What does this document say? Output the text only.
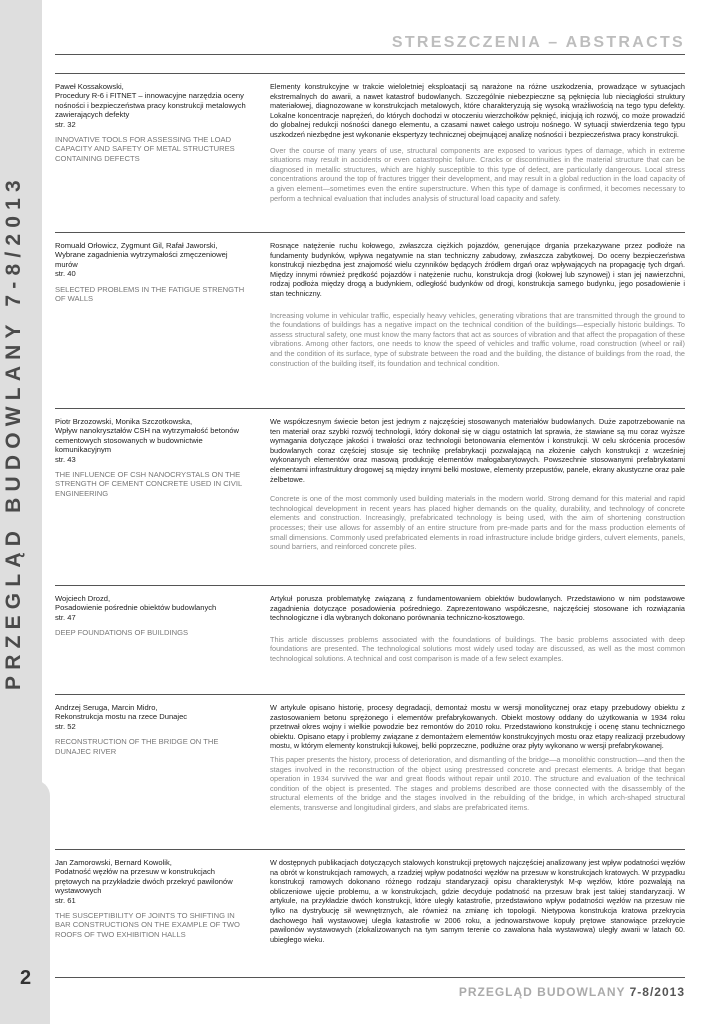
PRZEGLĄD BUDOWLANY 7-8/2013
2
STRESZCZENIA – ABSTRACTS
Paweł Kossakowski,
Procedury R-6 i FITNET – innowacyjne narzędzia oceny nośności i bezpieczeństwa pracy konstrukcji metalowych zawierających defekty
str. 32
INNOVATIVE TOOLS FOR ASSESSING THE LOAD CAPACITY AND SAFETY OF METAL STRUCTURES CONTAINING DEFECTS
Elementy konstrukcyjne w trakcie wieloletniej eksploatacji są narażone na różne uszkodzenia, prowadzące w sytuacjach ekstremalnych do awarii, a nawet katastrof budowlanych. Szczególnie niebezpieczne są pęknięcia lub nieciągłości struktury materiałowej, diagnozowane w konstrukcjach metalowych, które charakteryzują się wysoką wrażliwością na tego typu defekty. Lokalne koncentracje naprężeń, do których dochodzi w otoczeniu wierzchołków pęknięć, inicjują ich rozwój, co może prowadzić do globalnej redukcji nośności danego elementu, a czasami nawet całego ustroju nośnego. W sytuacji stwierdzenia tego typu uszkodzeń niezbędne jest wykonanie ekspertyzy technicznej obejmującej analizę nośności i bezpieczeństwa pracy konstrukcji.
Over the course of many years of use, structural components are exposed to various types of damage, which in extreme situations may result in accidents or even catastrophic failure. Cracks or discontinuities in the material structure that can be diagnosed in metallic structures, which are highly susceptible to this type of defect, are particularly dangerous. Local stress concentrations around the top of fractures trigger their development, and may result in a global reduction in the load capacity of a given element—sometimes even the entire superstructure. When this type of damage is confirmed, it becomes necessary to perform a technical evaluation that includes analysis of structural load capacity and safety.
Romuald Orłowicz, Zygmunt Gil, Rafał Jaworski,
Wybrane zagadnienia wytrzymałości zmęczeniowej murów
str. 40
SELECTED PROBLEMS IN THE FATIGUE STRENGTH OF WALLS
Rosnące natężenie ruchu kołowego, zwłaszcza ciężkich pojazdów, generujące drgania przekazywane przez podłoże na fundamenty budynków, wpływa negatywnie na stan techniczny zabudowy, zwłaszcza zabytkowej. Do oceny bezpieczeństwa konstrukcji niezbędna jest znajomość wielu czynników będących źródłem drgań oraz wpływających na propagację tych drgań. Między innymi również prędkość pojazdów i natężenie ruchu, konstrukcja drogi (kołowej lub szynowej) i stan jej nawierzchni, rodzaj podłoża między drogą a budynkiem, odległość budynków od drogi, konstrukcja samego budynku, jego posadowienie i stan techniczny.
Increasing volume in vehicular traffic, especially heavy vehicles, generating vibrations that are transmitted through the ground to the foundations of buildings has a negative impact on the technical condition of the buildings—especially historic buildings. To assess structural safety, one must know the many factors that act as sources of vibration and that affect the propagation of these vibrations. Among other factors, one needs to know the speed of vehicles and traffic volume, road construction (wheel or rail) and the condition of its surface, type of substrate between the road and the building, the distance of buildings from the road, the construction of the building itself, its foundation and technical condition.
Piotr Brzozowski, Monika Szczotkowska,
Wpływ nanokryształów CSH na wytrzymałość betonów cementowych stosowanych w budownictwie komunikacyjnym
str. 43
THE INFLUENCE OF CSH NANOCRYSTALS ON THE STRENGTH OF CEMENT CONCRETE USED IN CIVIL ENGINEERING
We współczesnym świecie beton jest jednym z najczęściej stosowanych materiałów budowlanych. Duże zapotrzebowanie na ten materiał oraz szybki rozwój technologii, który dokonał się w ciągu ostatnich lat sprawia, że stawiane są mu coraz wyższe wymagania dotyczące jakości i trwałości oraz technologii betonowania elementów i konstrukcji. W celu skrócenia procesów budowlanych coraz częściej stosuje się technikę prefabrykacji pozwalającą na złożenie całych konstrukcji z wcześniej wykonanych elementów oraz masową produkcję elementów małogabarytowych. Powszechnie stosowanymi prefabrykatami elementami infrastruktury drogowej są między innymi belki mostowe, elementy przepustów, panele, ekrany akustyczne oraz pale żelbetowe.
Concrete is one of the most commonly used building materials in the modern world. Strong demand for this material and rapid technological development in recent years has placed higher demands on the quality, durability, and technology of concrete elements and construction. Increasingly, prefabricated technology is being used, with the aim of shortening construction processes; their use allows for assembly of an entire structure from pre-made parts and for the mass production elements of small dimensions. Commonly used prefabricated elements in road infrastructure include bridge girders, culvert elements, panels, sound barriers, and reinforced concrete piles.
Wojciech Drozd,
Posadowienie pośrednie obiektów budowlanych
str. 47
DEEP FOUNDATIONS OF BUILDINGS
Artykuł porusza problematykę związaną z fundamentowaniem obiektów budowlanych. Przedstawiono w nim podstawowe zagadnienia dotyczące posadowienia pośredniego. Zaprezentowano współczesne, najczęściej stosowane ich rozwiązania technologiczne i dla wybranych dokonano porównania techniczno-kosztowego.
This article discusses problems associated with the foundations of buildings. The basic problems associated with deep foundations are presented. The technological solutions most widely used today are discussed, as well as the most common technological solutions. A technical and cost comparison is made of a few select examples.
Andrzej Seruga, Marcin Midro,
Rekonstrukcja mostu na rzece Dunajec
str. 52
RECONSTRUCTION OF THE BRIDGE ON THE DUNAJEC RIVER
W artykule opisano historię, procesy degradacji, demontaż mostu w wersji monolitycznej oraz etapy przebudowy obiektu z zastosowaniem betonu sprężonego i elementów prefabrykowanych. Obiekt mostowy oddany do użytkowania w 1934 roku przetrwał okres wojny i wielkie powodzie bez remontów do 2010 roku. Przedstawiono konstrukcję i ocenę stanu technicznego obiektu. Opisano etapy i problemy związane z demontażem elementów konstrukcyjnych mostu oraz etapy realizacji przebudowy mostu, w którym elementy konstrukcji łukowej, belki poprzeczne, podłużne oraz płyty wykonano w wersji prefabrykowanej.
This paper presents the history, process of deterioration, and dismantling of the bridge—a monolithic construction—and then the stages involved in the reconstruction of the object using prestressed concrete and precast elements. A bridge that began operation in 1934 survived the war and great floods without repair until 2010. The structure and evaluation of the technical condition of the object is presented. The stages and problems described are those connected with the disassembly of the structural elements of the bridge and the stages involved in the rebuilding of the bridge, in which arch-shaped structural elements, transverse and longitudinal girders, and slabs are prefabricated items.
Jan Zamorowski, Bernard Kowolik,
Podatność węzłów na przesuw w konstrukcjach prętowych na przykładzie dwóch przekryć pawilonów wystawowych
str. 61
THE SUSCEPTIBILITY OF JOINTS TO SHIFTING IN BAR CONSTRUCTIONS ON THE EXAMPLE OF TWO ROOFS OF TWO EXHIBITION HALLS
W dostępnych publikacjach dotyczących stalowych konstrukcji prętowych najczęściej analizowany jest wpływ podatności węzłów na obrót w konstrukcjach ramowych, a rzadziej wpływ podatności węzłów na przesuw w konstrukcjach kratowych. W przypadku konstrukcji ramowych dokonano różnego rodzaju standaryzacji opisu charakterystyk M-φ węzłów, które pozwalają na obliczeniowe ujęcie problemu, a w konstrukcjach, gdzie decyduje podatność na przesuw brak jest takiej standaryzacji. W artykule, na przykładzie dwóch konstrukcji, które uległy katastrofie, przedstawiono wpływ podatności węzłów na przesuw nie tylko na dystrybucję sił wewnętrznych, ale również na zmianę ich topologii. Nietypowa konstrukcja kratowa przekrycia dachowego hali wystawowej uległa katastrofie w 2006 roku, a jednowarstwowe kopuły prętowe stanowiące przekrycie pawilonów wystawowych (zlokalizowanych na tym samym terenie co zawalona hala wystawowa) uległy awarii w latach 60. ubiegłego wieku.
PRZEGLĄD BUDOWLANY 7-8/2013
